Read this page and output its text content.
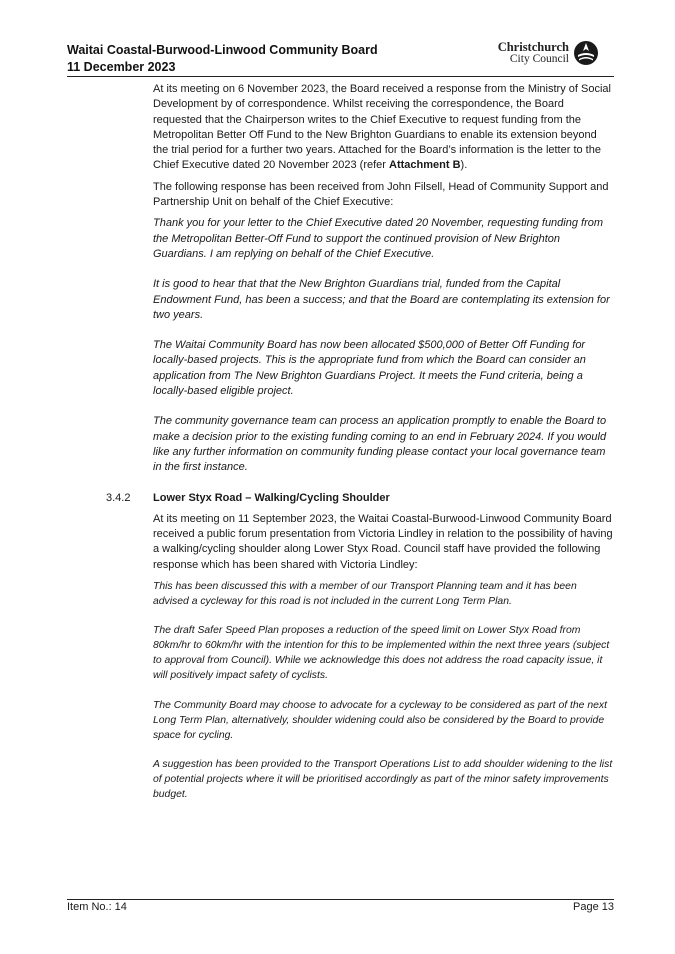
Waitai Coastal-Burwood-Linwood Community Board
11 December 2023
Christchurch
City Council

At its meeting on 6 November 2023, the Board received a response from the Ministry of Social Development by of correspondence. Whilst receiving the correspondence, the Board requested that the Chairperson writes to the Chief Executive to request funding from the Metropolitan Better Off Fund to the New Brighton Guardians to enable its extension beyond the trial period for a further two years. Attached for the Board’s information is the letter to the Chief Executive dated 20 November 2023 (refer Attachment B).

The following response has been received from John Filsell, Head of Community Support and Partnership Unit on behalf of the Chief Executive:

Thank you for your letter to the Chief Executive dated 20 November, requesting funding from the Metropolitan Better-Off Fund to support the continued provision of New Brighton Guardians. I am replying on behalf of the Chief Executive.

It is good to hear that that the New Brighton Guardians trial, funded from the Capital Endowment Fund, has been a success; and that the Board are contemplating its extension for two years.

The Waitai Community Board has now been allocated $500,000 of Better Off Funding for locally-based projects. This is the appropriate fund from which the Board can consider an application from The New Brighton Guardians Project. It meets the Fund criteria, being a locally-based eligible project.

The community governance team can process an application promptly to enable the Board to make a decision prior to the existing funding coming to an end in February 2024. If you would like any further information on community funding please contact your local governance team in the first instance.

3.4.2 Lower Styx Road – Walking/Cycling Shoulder

At its meeting on 11 September 2023, the Waitai Coastal-Burwood-Linwood Community Board received a public forum presentation from Victoria Lindley in relation to the possibility of having a walking/cycling shoulder along Lower Styx Road. Council staff have provided the following response which has been shared with Victoria Lindley:

This has been discussed this with a member of our Transport Planning team and it has been advised a cycleway for this road is not included in the current Long Term Plan.

The draft Safer Speed Plan proposes a reduction of the speed limit on Lower Styx Road from 80km/hr to 60km/hr with the intention for this to be implemented within the next three years (subject to approval from Council). While we acknowledge this does not address the road capacity issue, it will positively impact safety of cyclists.

The Community Board may choose to advocate for a cycleway to be considered as part of the next Long Term Plan, alternatively, shoulder widening could also be considered by the Board to provide space for cycling.

A suggestion has been provided to the Transport Operations List to add shoulder widening to the list of potential projects where it will be prioritised accordingly as part of the minor safety improvements budget.

Item No.: 14	Page 13
